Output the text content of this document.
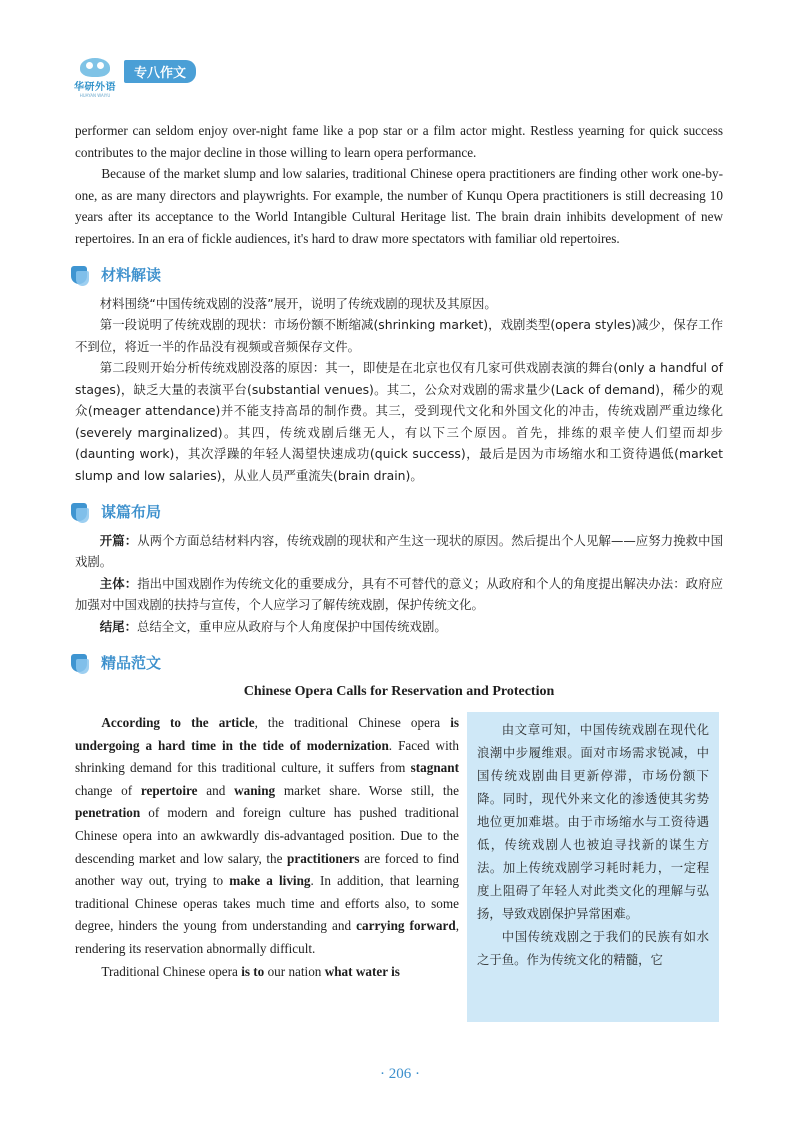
华研外语
HUAYAN WAIYU
专八作文

performer can seldom enjoy over-night fame like a pop star or a film actor might. Restless yearning for quick success contributes to the major decline in those willing to learn opera performance.

Because of the market slump and low salaries, traditional Chinese opera practitioners are finding other work one-by-one, as are many directors and playwrights. For example, the number of Kunqu Opera practitioners is still decreasing 10 years after its acceptance to the World Intangible Cultural Heritage list. The brain drain inhibits development of new repertoires. In an era of fickle audiences, it's hard to draw more spectators with familiar old repertoires.

材料解读

材料围绕“中国传统戏剧的没落”展开，说明了传统戏剧的现状及其原因。

第一段说明了传统戏剧的现状：市场份额不断缩减(shrinking market)，戏剧类型(opera styles)减少，保存工作不到位，将近一半的作品没有视频或音频保存文件。

第二段则开始分析传统戏剧没落的原因：其一，即使是在北京也仅有几家可供戏剧表演的舞台(only a handful of stages)，缺乏大量的表演平台(substantial venues)。其二，公众对戏剧的需求量少(Lack of demand)，稀少的观众(meager attendance)并不能支持高昂的制作费。其三，受到现代文化和外国文化的冲击，传统戏剧严重边缘化(severely marginalized)。其四，传统戏剧后继无人，有以下三个原因。首先，排练的艰辛使人们望而却步(daunting work)，其次浮躁的年轻人渴望快速成功(quick success)，最后是因为市场缩水和工资待遇低(market slump and low salaries)，从业人员严重流失(brain drain)。

谋篇布局

开篇：从两个方面总结材料内容，传统戏剧的现状和产生这一现状的原因。然后提出个人见解——应努力挽救中国戏剧。

主体：指出中国戏剧作为传统文化的重要成分，具有不可替代的意义；从政府和个人的角度提出解决办法：政府应加强对中国戏剧的扶持与宣传，个人应学习了解传统戏剧，保护传统文化。

结尾：总结全文，重申应从政府与个人角度保护中国传统戏剧。

精品范文
Chinese Opera Calls for Reservation and Protection

According to the article, the traditional Chinese opera is undergoing a hard time in the tide of modernization. Faced with shrinking demand for this traditional culture, it suffers from stagnant change of repertoire and waning market share. Worse still, the penetration of modern and foreign culture has pushed traditional Chinese opera into an awkwardly dis-advantaged position. Due to the descending market and low salary, the practitioners are forced to find another way out, trying to make a living. In addition, that learning traditional Chinese operas takes much time and efforts also, to some degree, hinders the young from understanding and carrying forward, rendering its reservation abnormally difficult.

Traditional Chinese opera is to our nation what water is

由文章可知，中国传统戏剧在现代化浪潮中步履维艰。面对市场需求锐减，中国传统戏剧曲目更新停滞，市场份额下降。同时，现代外来文化的渗透使其劣势地位更加难堪。由于市场缩水与工资待遇低，传统戏剧人也被迫寻找新的谋生方法。加上传统戏剧学习耗时耗力，一定程度上阻碍了年轻人对此类文化的理解与弘扬，导致戏剧保护异常困难。

中国传统戏剧之于我们的民族有如水之于鱼。作为传统文化的精髓，它

· 206 ·
